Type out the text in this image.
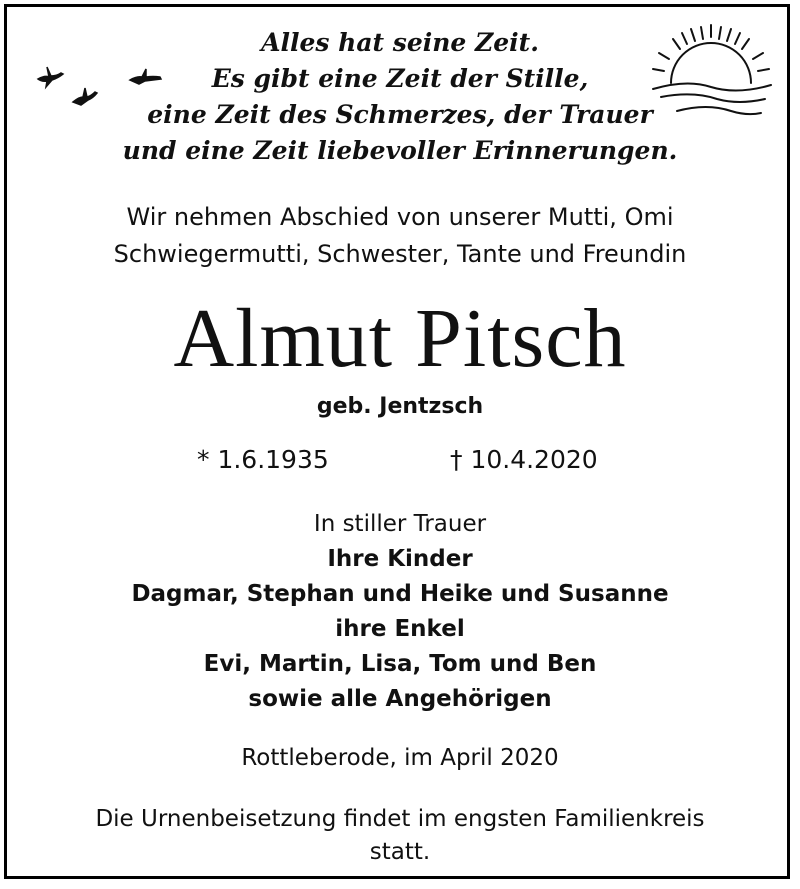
Alles hat seine Zeit.
Es gibt eine Zeit der Stille,
eine Zeit des Schmerzes, der Trauer
und eine Zeit liebevoller Erinnerungen.
Wir nehmen Abschied von unserer Mutti, Omi
Schwiegermutti, Schwester, Tante und Freundin
Almut Pitsch
geb. Jentzsch
* 1.6.1935	† 10.4.2020
In stiller Trauer
Ihre Kinder
Dagmar, Stephan und Heike und Susanne
ihre Enkel
Evi, Martin, Lisa, Tom und Ben
sowie alle Angehörigen
Rottleberode, im April 2020
Die Urnenbeisetzung findet im engsten Familienkreis
statt.
